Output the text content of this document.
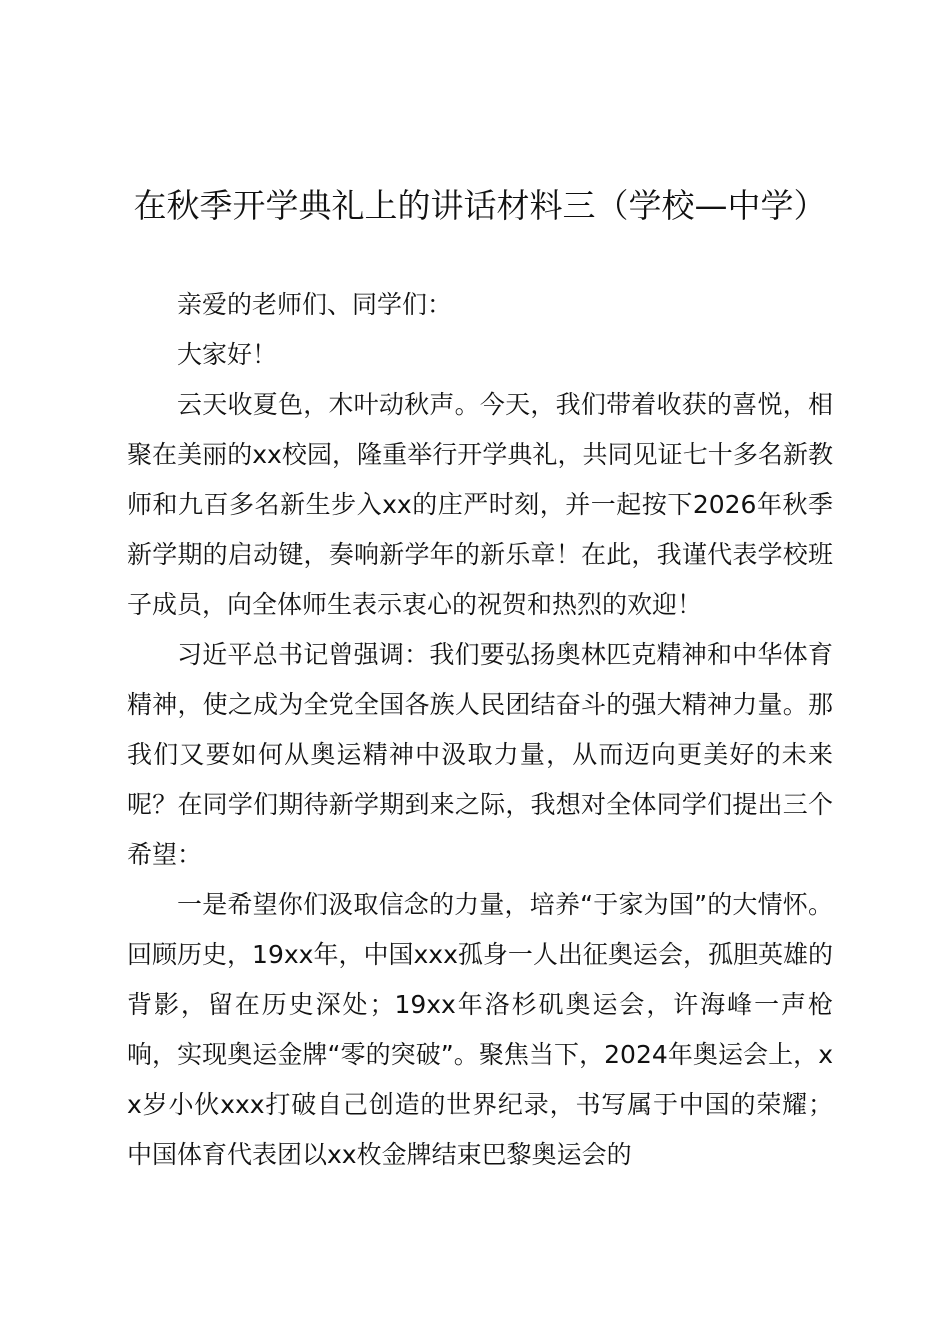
在秋季开学典礼上的讲话材料三（学校—中学）

亲爱的老师们、同学们：

大家好！

云天收夏色，木叶动秋声。今天，我们带着收获的喜悦，相聚在美丽的xx校园，隆重举行开学典礼，共同见证七十多名新教师和九百多名新生步入xx的庄严时刻，并一起按下2026年秋季新学期的启动键，奏响新学年的新乐章！在此，我谨代表学校班子成员，向全体师生表示衷心的祝贺和热烈的欢迎！

习近平总书记曾强调：我们要弘扬奥林匹克精神和中华体育精神，使之成为全党全国各族人民团结奋斗的强大精神力量。那我们又要如何从奥运精神中汲取力量，从而迈向更美好的未来呢？在同学们期待新学期到来之际，我想对全体同学们提出三个希望：

一是希望你们汲取信念的力量，培养“于家为国”的大情怀。回顾历史，19xx年，中国xxx孤身一人出征奥运会，孤胆英雄的背影，留在历史深处；19xx年洛杉矶奥运会，许海峰一声枪响，实现奥运金牌“零的突破”。聚焦当下，2024年奥运会上，xx岁小伙xxx打破自己创造的世界纪录，书写属于中国的荣耀；中国体育代表团以xx枚金牌结束巴黎奥运会的
